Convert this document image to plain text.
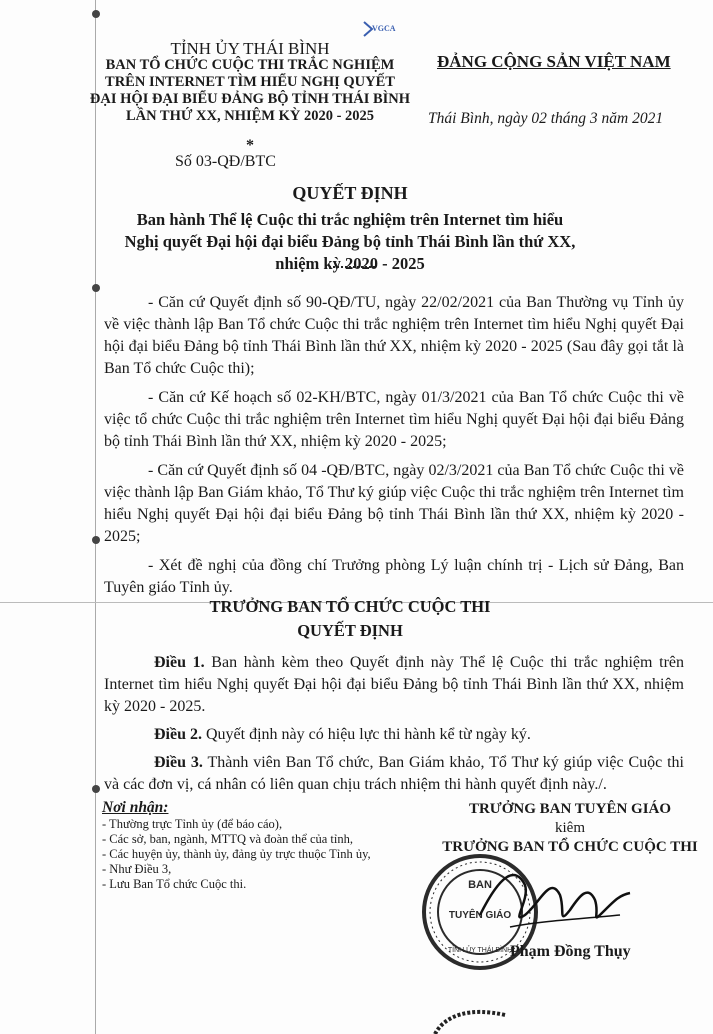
VGCA
TỈNH ỦY THÁI BÌNH
BAN TỔ CHỨC CUỘC THI TRẮC NGHIỆM
TRÊN INTERNET TÌM HIỂU NGHỊ QUYẾT
ĐẠI HỘI ĐẠI BIỂU ĐẢNG BỘ TỈNH THÁI BÌNH
LẦN THỨ XX, NHIỆM KỲ 2020 - 2025
*
ĐẢNG CỘNG SẢN VIỆT NAM
Thái Bình, ngày 02 tháng 3 năm 2021
Số 03-QĐ/BTC
QUYẾT ĐỊNH
Ban hành Thể lệ Cuộc thi trắc nghiệm trên Internet tìm hiểu
Nghị quyết Đại hội đại biểu Đảng bộ tỉnh Thái Bình lần thứ XX,
nhiệm kỳ 2020 - 2025

- Căn cứ Quyết định số 90-QĐ/TU, ngày 22/02/2021 của Ban Thường vụ Tỉnh ủy về việc thành lập Ban Tổ chức Cuộc thi trắc nghiệm trên Internet tìm hiểu Nghị quyết Đại hội đại biểu Đảng bộ tỉnh Thái Bình lần thứ XX, nhiệm kỳ 2020 - 2025 (Sau đây gọi tắt là Ban Tổ chức Cuộc thi);

- Căn cứ Kế hoạch số 02-KH/BTC, ngày 01/3/2021 của Ban Tổ chức Cuộc thi về việc tổ chức Cuộc thi trắc nghiệm trên Internet tìm hiểu Nghị quyết Đại hội đại biểu Đảng bộ tỉnh Thái Bình lần thứ XX, nhiệm kỳ 2020 - 2025;

- Căn cứ Quyết định số 04 -QĐ/BTC, ngày 02/3/2021 của Ban Tổ chức Cuộc thi về việc thành lập Ban Giám khảo, Tổ Thư ký giúp việc Cuộc thi trắc nghiệm trên Internet tìm hiểu Nghị quyết Đại hội đại biểu Đảng bộ tỉnh Thái Bình lần thứ XX, nhiệm kỳ 2020 - 2025;

- Xét đề nghị của đồng chí Trưởng phòng Lý luận chính trị - Lịch sử Đảng, Ban Tuyên giáo Tỉnh ủy.

TRƯỞNG BAN TỔ CHỨC CUỘC THI
QUYẾT ĐỊNH

Điều 1. Ban hành kèm theo Quyết định này Thể lệ Cuộc thi trắc nghiệm trên Internet tìm hiểu Nghị quyết Đại hội đại biểu Đảng bộ tỉnh Thái Bình lần thứ XX, nhiệm kỳ 2020 - 2025.

Điều 2. Quyết định này có hiệu lực thi hành kể từ ngày ký.

Điều 3. Thành viên Ban Tổ chức, Ban Giám khảo, Tổ Thư ký giúp việc Cuộc thi và các đơn vị, cá nhân có liên quan chịu trách nhiệm thi hành quyết định này./.

Nơi nhận:
- Thường trực Tỉnh ủy (để báo cáo),
- Các sở, ban, ngành, MTTQ và đoàn thể của tỉnh,
- Các huyện ủy, thành ủy, đảng ủy trực thuộc Tỉnh ủy,
- Như Điều 3,
- Lưu Ban Tổ chức Cuộc thi.
TRƯỞNG BAN TUYÊN GIÁO
kiêm
TRƯỞNG BAN TỔ CHỨC CUỘC THI
BAN
TUYÊN GIÁO
TỈNH ỦY THÁI BÌNH
Phạm Đồng Thụy
